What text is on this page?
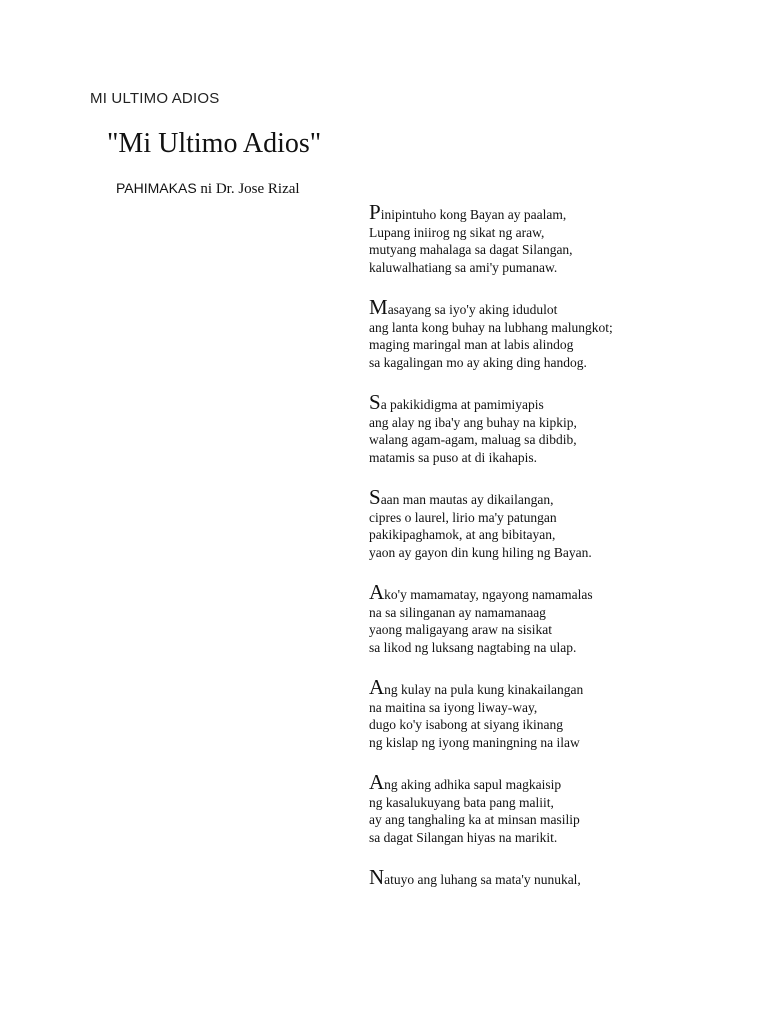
MI ULTIMO ADIOS
"Mi Ultimo Adios"
PAHIMAKAS ni Dr. Jose Rizal
Pinipintuho kong Bayan ay paalam,
Lupang iniirog ng sikat ng araw,
mutyang mahalaga sa dagat Silangan,
kaluwalhatiang sa ami'y pumanaw.
Masayang sa iyo'y aking idudulot
ang lanta kong buhay na lubhang malungkot;
maging maringal man at labis alindog
sa kagalingan mo ay aking ding handog.
Sa pakikidigma at pamimiyapis
ang alay ng iba'y ang buhay na kipkip,
walang agam-agam, maluag sa dibdib,
matamis sa puso at di ikahapis.
Saan man mautas ay dikailangan,
cipres o laurel, lirio ma'y patungan
pakikipaghamok, at ang bibitayan,
yaon ay gayon din kung hiling ng Bayan.
Ako'y mamamatay, ngayong namamalas
na sa silinganan ay namamanaag
yaong maligayang araw na sisikat
sa likod ng luksang nagtabing na ulap.
Ang kulay na pula kung kinakailangan
na maitina sa iyong liway-way,
dugo ko'y isabong at siyang ikinang
ng kislap ng iyong maningning na ilaw
Ang aking adhika sapul magkaisip
ng kasalukuyang bata pang maliit,
ay ang tanghaling ka at minsan masilip
sa dagat Silangan hiyas na marikit.
Natuyo ang luhang sa mata'y nunukal,
